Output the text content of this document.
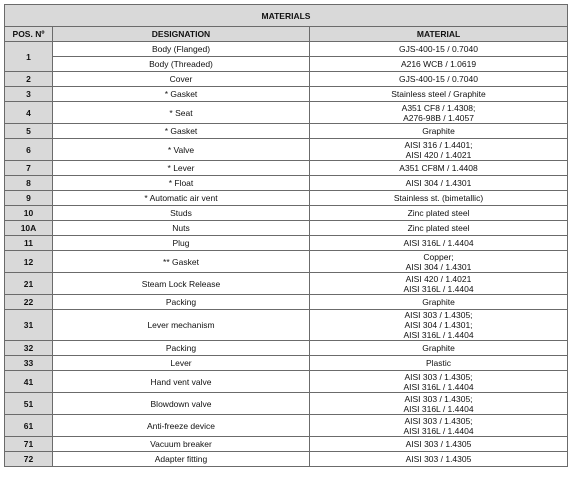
MATERIALS		
POS. Nº	DESIGNATION	MATERIAL
1	Body (Flanged)	GJS-400-15 / 0.7040
	Body (Threaded)	A216 WCB / 1.0619
2	Cover	GJS-400-15 / 0.7040
3	* Gasket	Stainless steel / Graphite
4	* Seat	A351 CF8 / 1.4308;
A276-98B / 1.4057
5	* Gasket	Graphite
6	* Valve	AISI 316 / 1.4401;
AISI 420 / 1.4021
7	* Lever	A351 CF8M / 1.4408
8	* Float	AISI 304 / 1.4301
9	* Automatic air vent	Stainless st. (bimetallic)
10	Studs	Zinc plated steel
10A	Nuts	Zinc plated steel
11	Plug	AISI 316L / 1.4404
12	** Gasket	Copper;
AISI 304 / 1.4301
21	Steam Lock Release	AISI 420 / 1.4021
AISI 316L / 1.4404
22	Packing	Graphite
31	Lever mechanism	AISI 303 / 1.4305;
AISI 304 / 1.4301;
AISI 316L / 1.4404
32	Packing	Graphite
33	Lever	Plastic
41	Hand vent valve	AISI 303 / 1.4305;
AISI 316L / 1.4404
51	Blowdown valve	AISI 303 / 1.4305;
AISI 316L / 1.4404
61	Anti-freeze device	AISI 303 / 1.4305;
AISI 316L / 1.4404
71	Vacuum breaker	AISI 303 / 1.4305
72	Adapter fitting	AISI 303 / 1.4305
